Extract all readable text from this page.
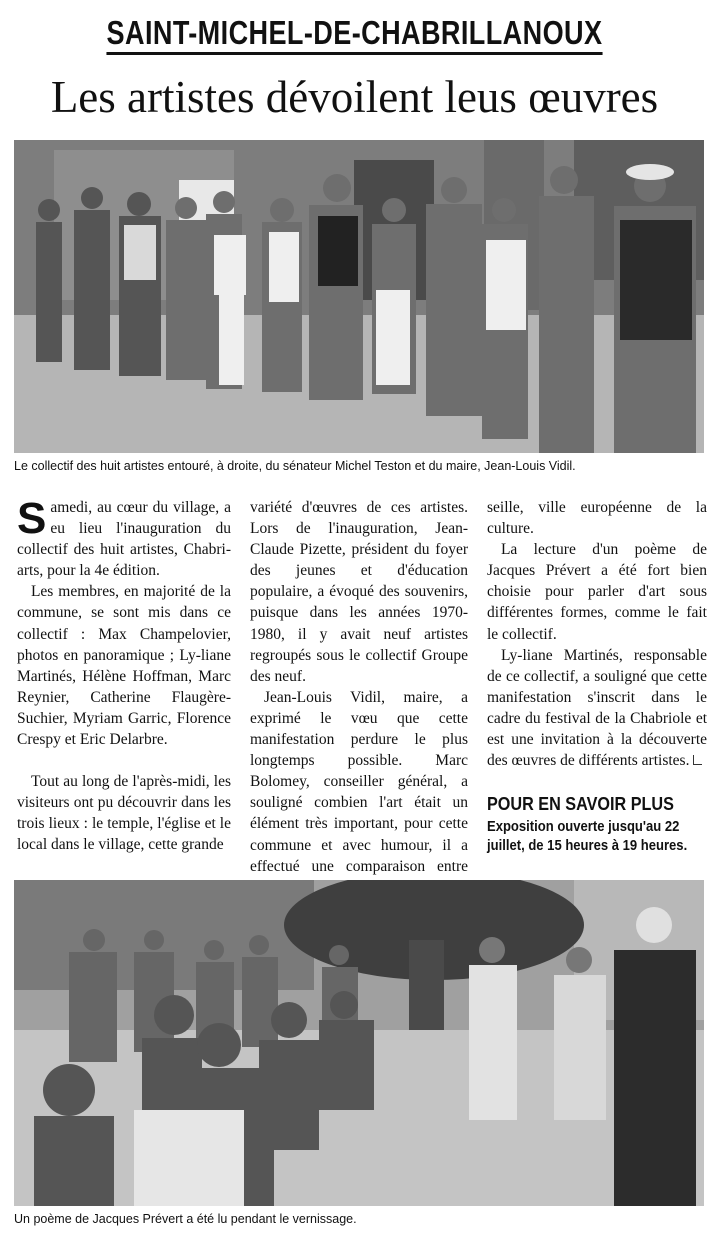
SAINT-MICHEL-DE-CHABRILLANOUX
Les artistes dévoilent leus œuvres
Le collectif des huit artistes entouré, à droite, du sénateur Michel Teston et du maire, Jean-Louis Vidil.

Samedi, au cœur du village, a eu lieu l'inauguration du collectif des huit artistes, Chabri-arts, pour la 4e édition.

Les membres, en majorité de la commune, se sont mis dans ce collectif : Max Champelovier, photos en panoramique ; Ly-liane Martinés, Hélène Hoffman, Marc Reynier, Catherine Flaugère-Suchier, Myriam Garric, Florence Crespy et Eric Delarbre.

Tout au long de l'après-midi, les visiteurs ont pu découvrir dans les trois lieux : le temple, l'église et le local dans le village, cette grande

variété d'œuvres de ces artistes. Lors de l'inauguration, Jean-Claude Pizette, président du foyer des jeunes et d'éducation populaire, a évoqué des souvenirs, puisque dans les années 1970-1980, il y avait neuf artistes regroupés sous le collectif Groupe des neuf.

Jean-Louis Vidil, maire, a exprimé le vœu que cette manifestation perdure le plus longtemps possible. Marc Bolomey, conseiller général, a souligné combien l'art était un élément très important, pour cette commune et avec humour, il a effectué une comparaison entre

seille, ville européenne de la culture.

La lecture d'un poème de Jacques Prévert a été fort bien choisie pour parler d'art sous différentes formes, comme le fait le collectif.

Ly-liane Martinés, responsable de ce collectif, a souligné que cette manifestation s'inscrit dans le cadre du festival de la Chabriole et est une invitation à la découverte des œuvres de différents artistes.

POUR EN SAVOIR PLUS
Exposition ouverte jusqu'au 22 juillet, de 15 heures à 19 heures.
Un poème de Jacques Prévert a été lu pendant le vernissage.
